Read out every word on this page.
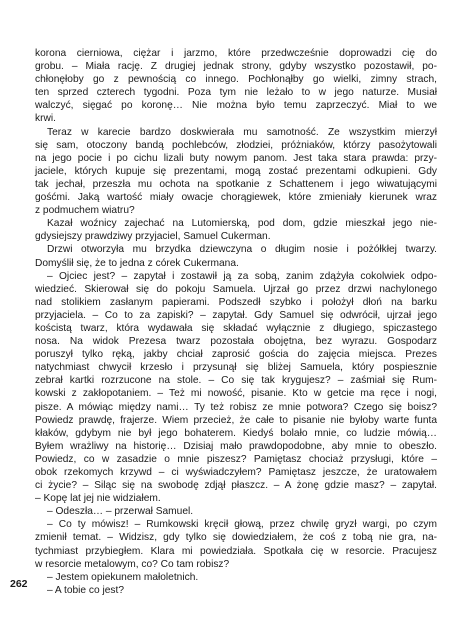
korona cierniowa, ciężar i jarzmo, które przedwcześnie doprowadzi cię do
grobu. – Miała rację. Z drugiej jednak strony, gdyby wszystko pozostawił, po-
chłonęłoby go z pewnością co innego. Pochłonąłby go wielki, zimny strach,
ten sprzed czterech tygodni. Poza tym nie leżało to w jego naturze. Musiał
walczyć, sięgać po koronę… Nie można było temu zaprzeczyć. Miał to we
krwi.
Teraz w karecie bardzo doskwierała mu samotność. Ze wszystkim mierzył
się sam, otoczony bandą pochlebców, złodziei, próżniaków, którzy pasożytowali
na jego pocie i po cichu lizali buty nowym panom. Jest taka stara prawda: przy-
jaciele, których kupuje się prezentami, mogą zostać prezentami odkupieni. Gdy
tak jechał, przeszła mu ochota na spotkanie z Schattenem i jego wiwatującymi
gośćmi. Jaką wartość miały owacje chorągiewek, które zmieniały kierunek wraz
z podmuchem wiatru?
Kazał woźnicy zajechać na Lutomierską, pod dom, gdzie mieszkał jego nie-
gdysiejszy prawdziwy przyjaciel, Samuel Cukerman.
Drzwi otworzyła mu brzydka dziewczyna o długim nosie i pożółkłej twarzy.
Domyślił się, że to jedna z córek Cukermana.
– Ojciec jest? – zapytał i zostawił ją za sobą, zanim zdążyła cokolwiek odpo-
wiedzieć. Skierował się do pokoju Samuela. Ujrzał go przez drzwi nachylonego
nad stolikiem zasłanym papierami. Podszedł szybko i położył dłoń na barku
przyjaciela. – Co to za zapiski? – zapytał. Gdy Samuel się odwrócił, ujrzał jego
kościstą twarz, która wydawała się składać wyłącznie z długiego, spiczastego
nosa. Na widok Prezesa twarz pozostała obojętna, bez wyrazu. Gospodarz
poruszył tylko ręką, jakby chciał zaprosić gościa do zajęcia miejsca. Prezes
natychmiast chwycił krzesło i przysunął się bliżej Samuela, który pospiesznie
zebrał kartki rozrzucone na stole. – Co się tak krygujesz? – zaśmiał się Rum-
kowski z zakłopotaniem. – Też mi nowość, pisanie. Kto w getcie ma ręce i nogi,
pisze. A mówiąc między nami… Ty też robisz ze mnie potwora? Czego się boisz?
Powiedz prawdę, frajerze. Wiem przecież, że całe to pisanie nie byłoby warte funta
kłaków, gdybym nie był jego bohaterem. Kiedyś bolało mnie, co ludzie mówią…
Byłem wrażliwy na historię… Dzisiaj mało prawdopodobne, aby mnie to obeszło.
Powiedz, co w zasadzie o mnie piszesz? Pamiętasz chociaż przysługi, które –
obok rzekomych krzywd – ci wyświadczyłem? Pamiętasz jeszcze, że uratowałem
ci życie? – Siląc się na swobodę zdjął płaszcz. – A żonę gdzie masz? – zapytał.
– Kopę lat jej nie widziałem.
– Odeszła… – przerwał Samuel.
– Co ty mówisz! – Rumkowski kręcił głową, przez chwilę gryzł wargi, po czym
zmienił temat. – Widzisz, gdy tylko się dowiedziałem, że coś z tobą nie gra, na-
tychmiast przybiegłem. Klara mi powiedziała. Spotkała cię w resorcie. Pracujesz
w resorcie metalowym, co? Co tam robisz?
– Jestem opiekunem małoletnich.
– A tobie co jest?
262
